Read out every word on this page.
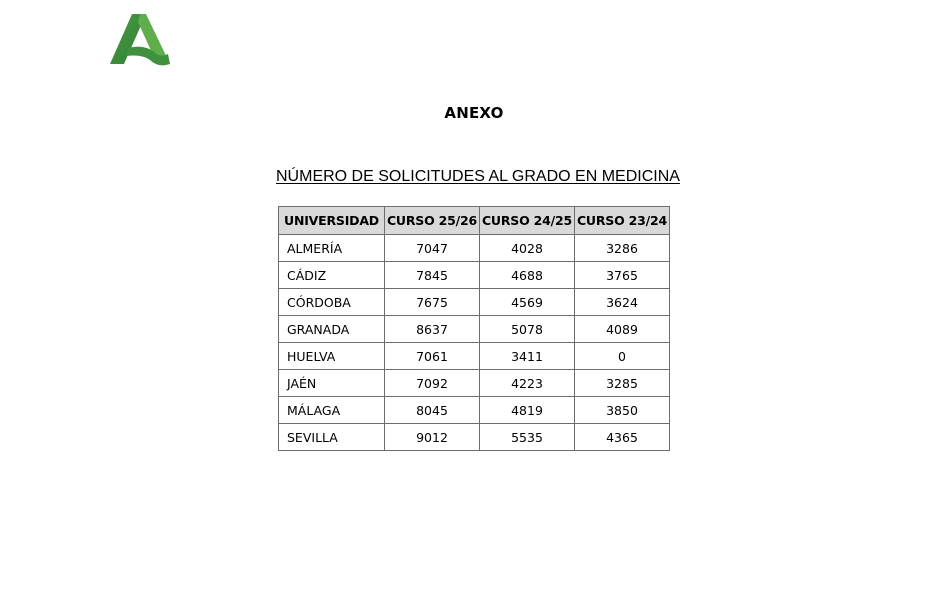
ANEXO
NÚMERO DE SOLICITUDES AL GRADO EN MEDICINA
UNIVERSIDAD	CURSO 25/26	CURSO 24/25	CURSO 23/24
ALMERÍA	7047	4028	3286
CÁDIZ	7845	4688	3765
CÓRDOBA	7675	4569	3624
GRANADA	8637	5078	4089
HUELVA	7061	3411	0
JAÉN	7092	4223	3285
MÁLAGA	8045	4819	3850
SEVILLA	9012	5535	4365
